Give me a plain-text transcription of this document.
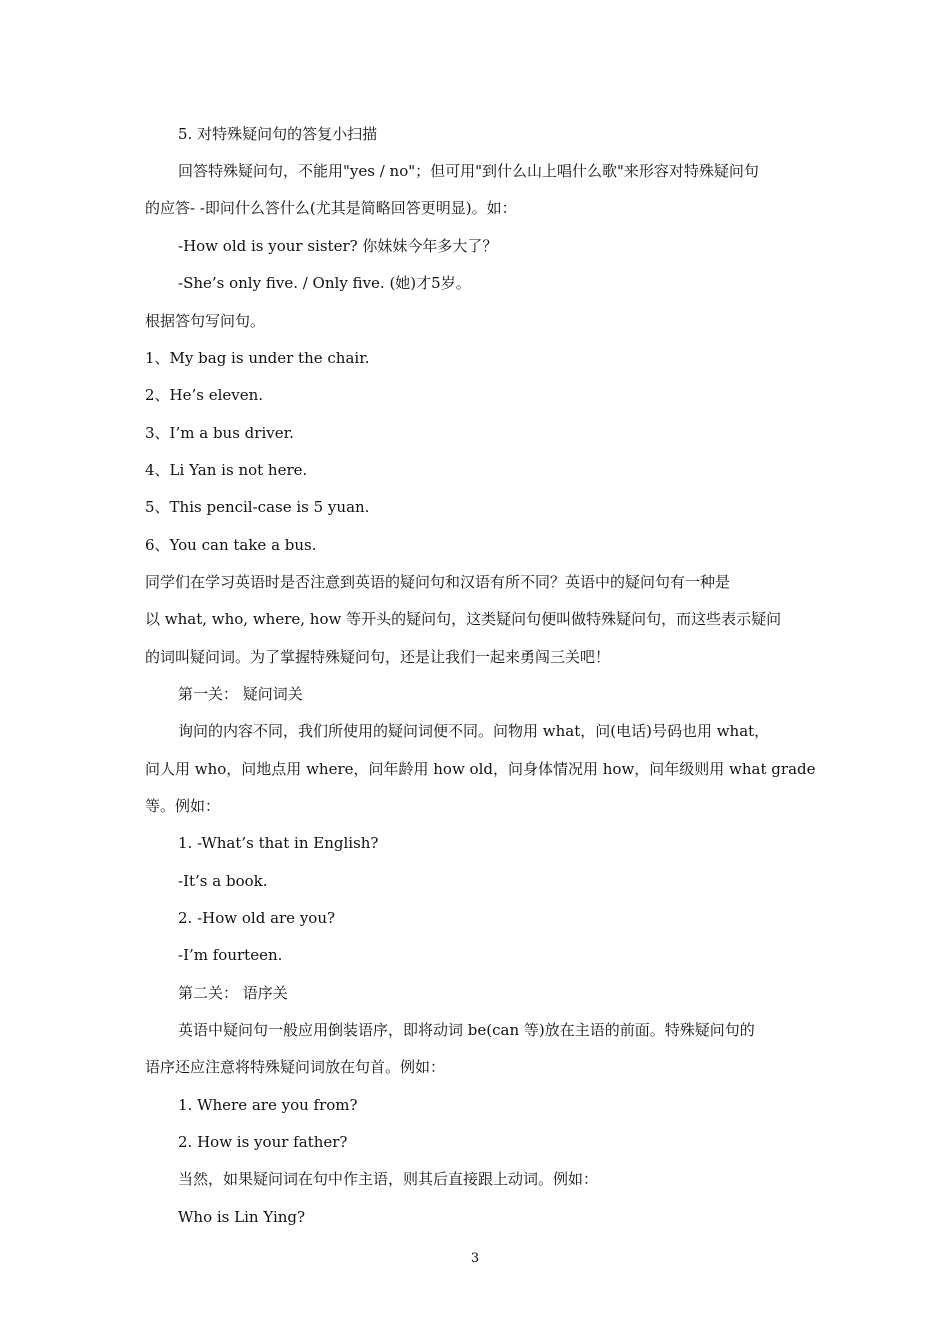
5. 对特殊疑问句的答复小扫描
回答特殊疑问句，不能用"yes / no"；但可用"到什么山上唱什么歌"来形容对特殊疑问句
的应答- -即问什么答什么(尤其是简略回答更明显)。如：
-How old is your sister? 你妹妹今年多大了？
-She’s only five. / Only five. (她)才5岁。
根据答句写问句。
1、My bag is under the chair.
2、He’s eleven.
3、I’m a bus driver.
4、Li Yan is not here.
5、This pencil-case is 5 yuan.
6、You can take a bus.
同学们在学习英语时是否注意到英语的疑问句和汉语有所不同？英语中的疑问句有一种是
以 what, who, where, how 等开头的疑问句，这类疑问句便叫做特殊疑问句，而这些表示疑问
的词叫疑问词。为了掌握特殊疑问句，还是让我们一起来勇闯三关吧！
第一关： 疑问词关
询问的内容不同，我们所使用的疑问词便不同。问物用 what，问(电话)号码也用 what，
问人用 who，问地点用 where，问年龄用 how old，问身体情况用 how，问年级则用 what grade
等。例如：
1. -What’s that in English?
-It’s a book.
2. -How old are you?
-I’m fourteen.
第二关： 语序关
英语中疑问句一般应用倒装语序，即将动词 be(can 等)放在主语的前面。特殊疑问句的
语序还应注意将特殊疑问词放在句首。例如：
1. Where are you from?
2. How is your father?
当然，如果疑问词在句中作主语，则其后直接跟上动词。例如：
Who is Lin Ying?
3
